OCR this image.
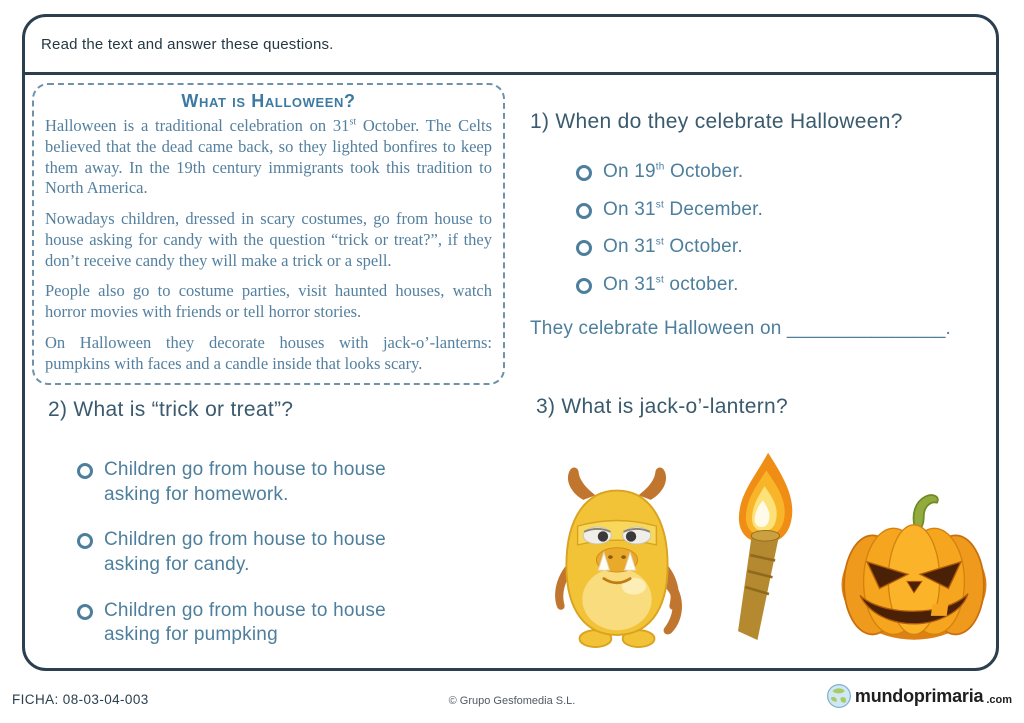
Read the text and answer these questions.
What is Halloween?

Halloween is a traditional celebration on 31st October. The Celts believed that the dead came back, so they lighted bonfires to keep them away. In the 19th century immigrants took this tradition to North America.

Nowadays children, dressed in scary costumes, go from house to house asking for candy with the question “trick or treat?”, if they don’t receive candy they will make a trick or a spell.

People also go to costume parties, visit haunted houses, watch horror movies with friends or tell horror stories.

On Halloween they decorate houses with jack-o’-lanterns: pumpkins with faces and a candle inside that looks scary.

1) When do they celebrate Halloween?
On 19th October.
On 31st December.
On 31st October.
On 31st october.
They celebrate Halloween on _______________.
2) What is “trick or treat”?
Children go from house to house asking for homework.
Children go from house to house asking for candy.
Children go from house to house asking for pumpking
3) What is jack-o’-lantern?
FICHA: 08-03-04-003	© Grupo Gesfomedia S.L.	mundoprimaria .com
